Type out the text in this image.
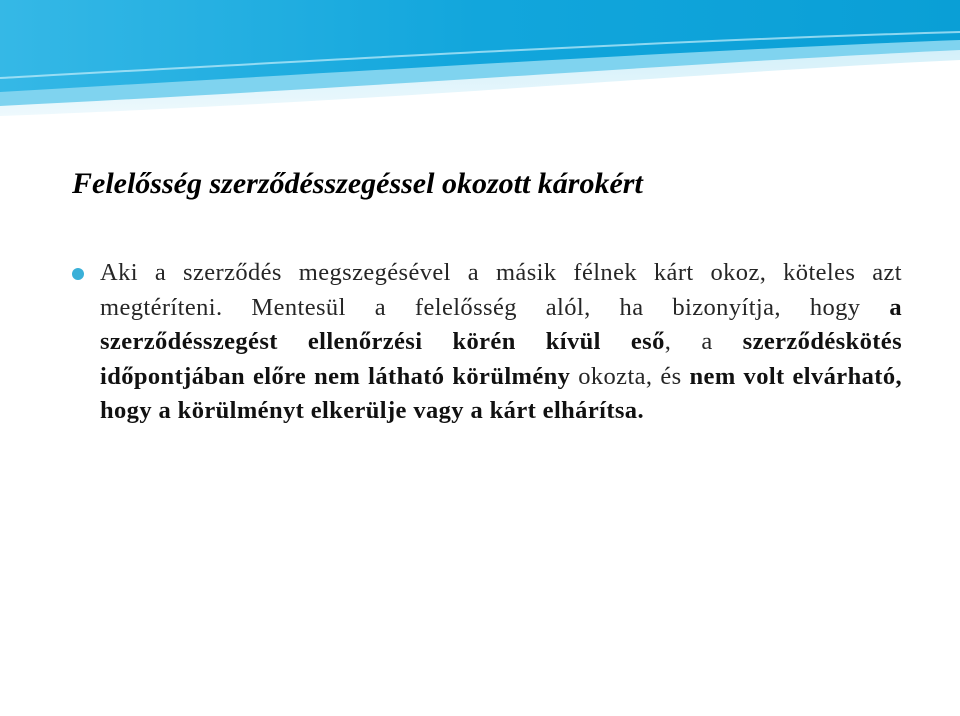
Felelősség szerződésszegéssel okozott károkért
Aki a szerződés megszegésével a másik félnek kárt okoz, köteles azt megtéríteni. Mentesül a felelősség alól, ha bizonyítja, hogy a szerződésszegést ellenőrzési körén kívül eső, a szerződéskötés időpontjában előre nem látható körülmény okozta, és nem volt elvárható, hogy a körülményt elkerülje vagy a kárt elhárítsa.
